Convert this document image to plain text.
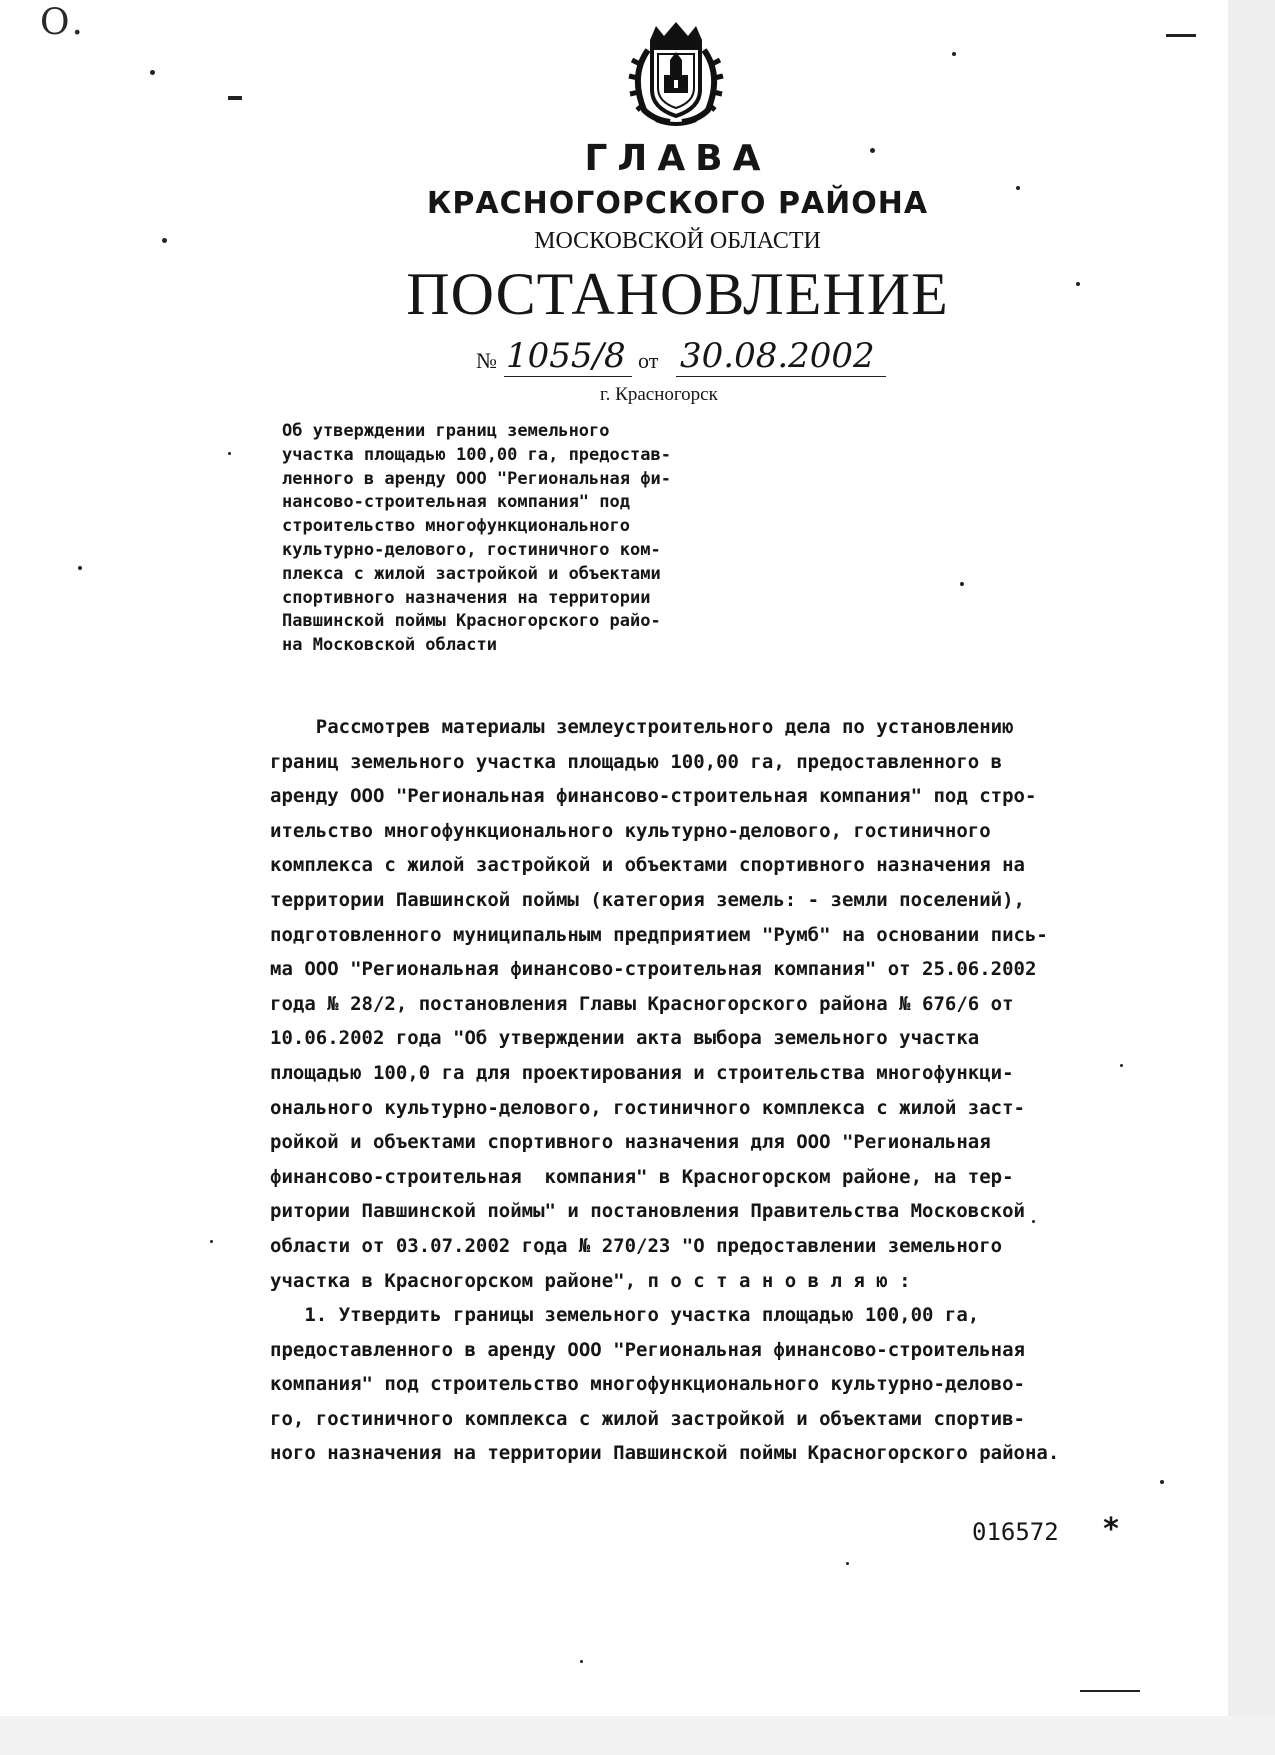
О.
ГЛАВА
КРАСНОГОРСКОГО РАЙОНА
МОСКОВСКОЙ ОБЛАСТИ
ПОСТАНОВЛЕНИЕ
№ 1055/8 от 30.08.2002
г. Красногорск
Об утверждении границ земельного
участка площадью 100,00 га, предостав-
ленного в аренду ООО "Региональная фи-
нансово-строительная компания" под
строительство многофункционального
культурно-делового, гостиничного ком-
плекса с жилой застройкой и объектами
спортивного назначения на территории
Павшинской поймы Красногорского райо-
на Московской области
Рассмотрев материалы землеустроительного дела по установлению
границ земельного участка площадью 100,00 га, предоставленного в
аренду ООО "Региональная финансово-строительная компания" под стро-
ительство многофункционального культурно-делового, гостиничного
комплекса с жилой застройкой и объектами спортивного назначения на
территории Павшинской поймы (категория земель: - земли поселений),
подготовленного муниципальным предприятием "Румб" на основании пись-
ма ООО "Региональная финансово-строительная компания" от 25.06.2002
года № 28/2, постановления Главы Красногорского района № 676/6 от
10.06.2002 года "Об утверждении акта выбора земельного участка
площадью 100,0 га для проектирования и строительства многофункци-
онального культурно-делового, гостиничного комплекса с жилой заст-
ройкой и объектами спортивного назначения для ООО "Региональная
финансово-строительная  компания" в Красногорском районе, на тер-
ритории Павшинской поймы" и постановления Правительства Московской
области от 03.07.2002 года № 270/23 "О предоставлении земельного
участка в Красногорском районе", п о с т а н о в л я ю :
1. Утвердить границы земельного участка площадью 100,00 га,
предоставленного в аренду ООО "Региональная финансово-строительная
компания" под строительство многофункционального культурно-делово-
го, гостиничного комплекса с жилой застройкой и объектами спортив-
ного назначения на территории Павшинской поймы Красногорского района.
016572 *
